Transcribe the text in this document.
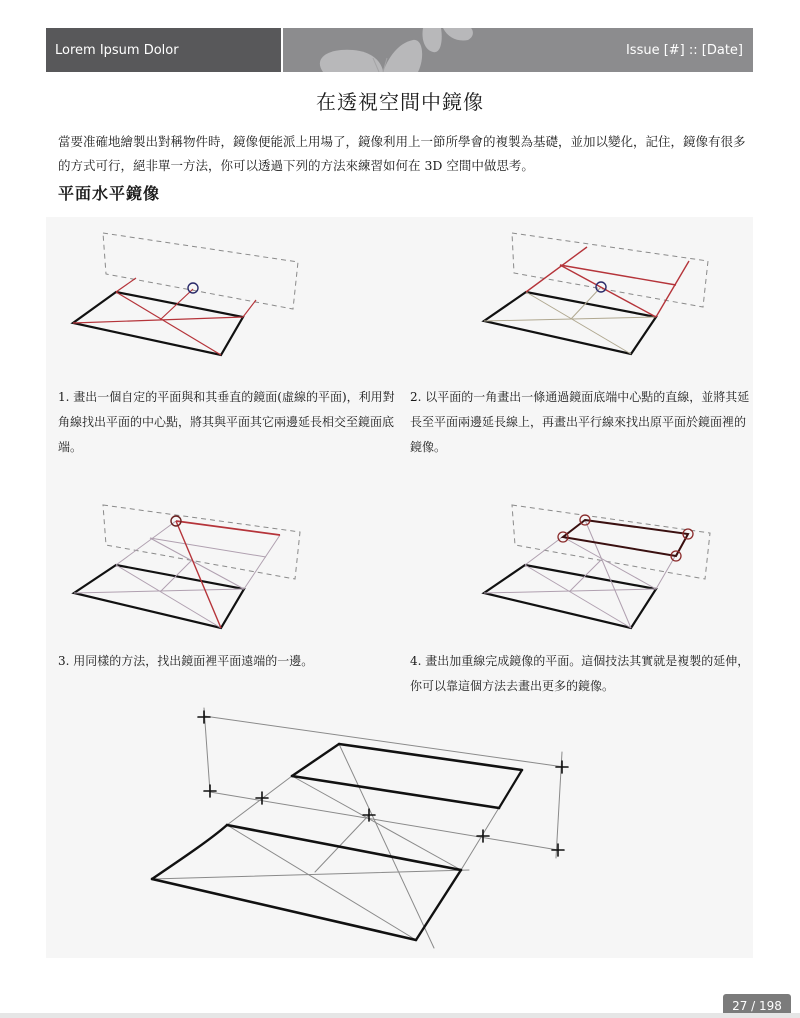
Lorem Ipsum Dolor	Issue [#] :: [Date]
在透視空間中鏡像
當要准確地繪製出對稱物件時，鏡像便能派上用場了，鏡像利用上一節所學會的複製為基礎，並加以變化，記住，鏡像有很多的方式可行，絕非單一方法，你可以透過下列的方法來練習如何在 3D 空間中做思考。
平面水平鏡像
1. 畫出一個自定的平面與和其垂直的鏡面(虛線的平面)，利用對角線找出平面的中心點，將其與平面其它兩邊延長相交至鏡面底端。
2. 以平面的一角畫出一條通過鏡面底端中心點的直線，並將其延長至平面兩邊延長線上，再畫出平行線來找出原平面於鏡面裡的鏡像。
3. 用同樣的方法，找出鏡面裡平面遠端的一邊。	4. 畫出加重線完成鏡像的平面。這個技法其實就是複製的延伸，你可以靠這個方法去畫出更多的鏡像。
27 / 198
